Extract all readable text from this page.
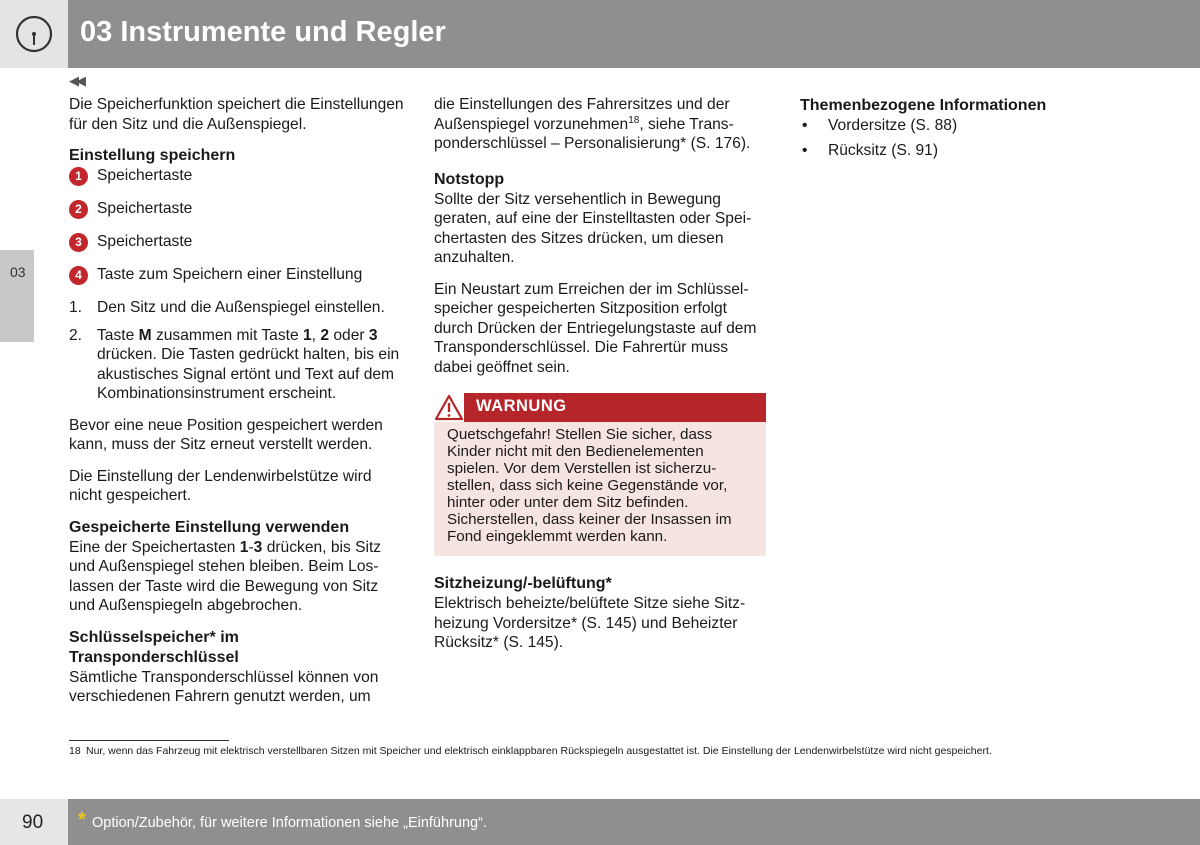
03 Instrumente und Regler
03
◀◀

Die Speicherfunktion speichert die Einstellungen für den Sitz und die Außenspiegel.

Einstellung speichern
1 Speichertaste
2 Speichertaste
3 Speichertaste
4 Taste zum Speichern einer Einstellung
1. Den Sitz und die Außenspiegel einstellen.
2. Taste M zusammen mit Taste 1, 2 oder 3 drücken. Die Tasten gedrückt halten, bis ein akustisches Signal ertönt und Text auf dem Kombinationsinstrument erscheint.

Bevor eine neue Position gespeichert werden kann, muss der Sitz erneut verstellt werden.

Die Einstellung der Lendenwirbelstütze wird nicht gespeichert.

Gespeicherte Einstellung verwenden

Eine der Speichertasten 1-3 drücken, bis Sitz und Außenspiegel stehen bleiben. Beim Loslassen der Taste wird die Bewegung von Sitz und Außenspiegeln abgebrochen.

Schlüsselspeicher* im Transponderschlüssel

Sämtliche Transponderschlüssel können von verschiedenen Fahrern genutzt werden, um

die Einstellungen des Fahrersitzes und der Außenspiegel vorzunehmen$^{18}$, siehe Transponderschlüssel – Personalisierung* (S. 176).

Notstopp

Sollte der Sitz versehentlich in Bewegung geraten, auf eine der Einstelltasten oder Speichertasten des Sitzes drücken, um diesen anzuhalten.

Ein Neustart zum Erreichen der im Schlüsselspeicher gespeicherten Sitzposition erfolgt durch Drücken der Entriegelungstaste auf dem Transponderschlüssel. Die Fahrertür muss dabei geöffnet sein.

WARNUNG
Quetschgefahr! Stellen Sie sicher, dass Kinder nicht mit den Bedienelementen spielen. Vor dem Verstellen ist sicherzustellen, dass sich keine Gegenstände vor, hinter oder unter dem Sitz befinden. Sicherstellen, dass keiner der Insassen im Fond eingeklemmt werden kann.
Sitzheizung/-belüftung*

Elektrisch beheizte/belüftete Sitze siehe Sitzheizung Vordersitze* (S. 145) und Beheizter Rücksitz* (S. 145).

Themenbezogene Informationen
•	Vordersitze (S. 88)
•	Rücksitz (S. 91)
18 Nur, wenn das Fahrzeug mit elektrisch verstellbaren Sitzen mit Speicher und elektrisch einklappbaren Rückspiegeln ausgestattet ist. Die Einstellung der Lendenwirbelstütze wird nicht gespeichert.
90 * Option/Zubehör, für weitere Informationen siehe „Einführung“.
